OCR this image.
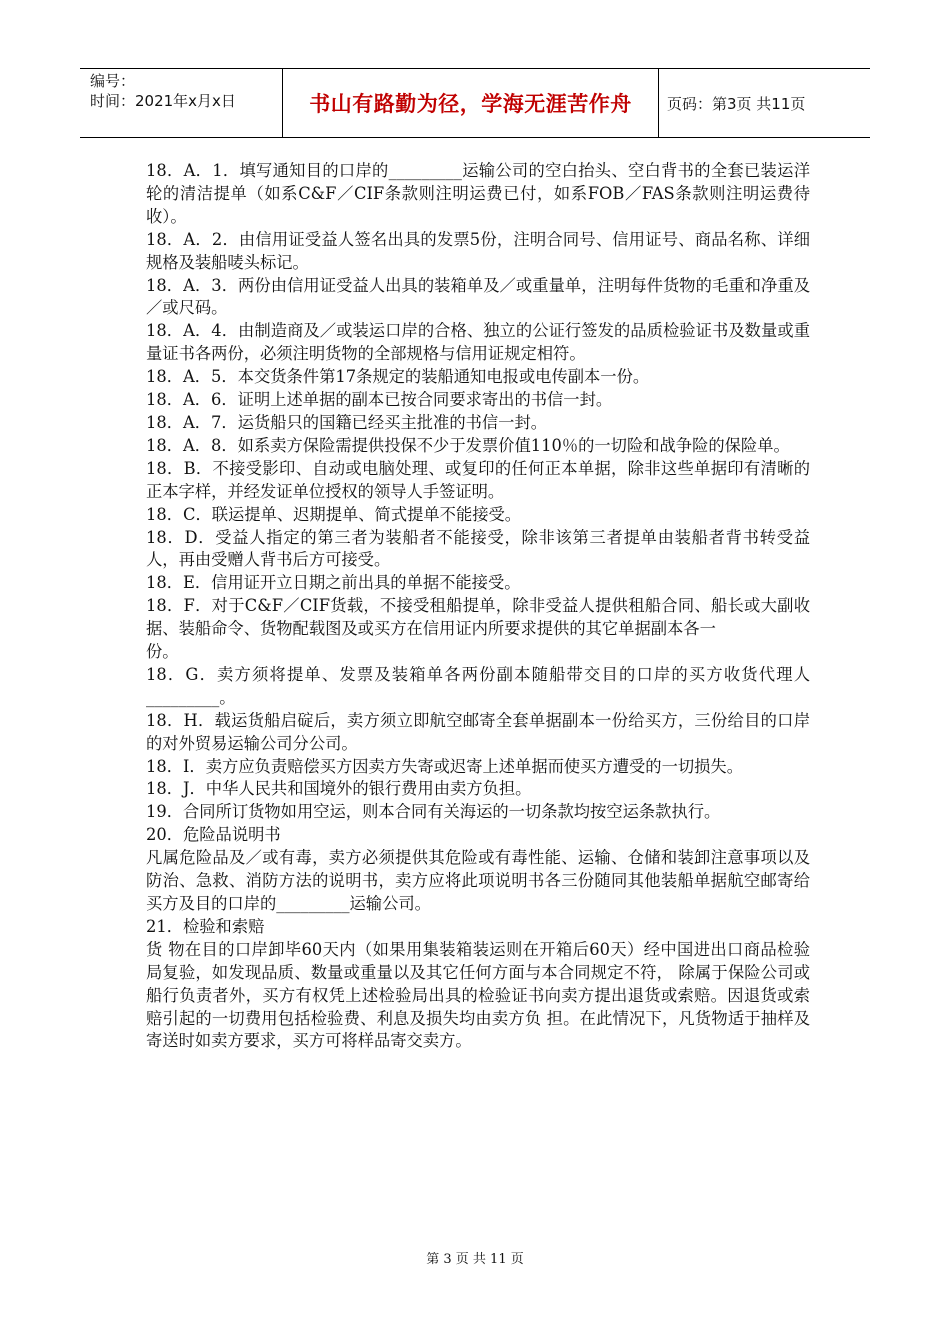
编号：
时间：2021年x月x日	书山有路勤为径，学海无涯苦作舟	页码：第3页 共11页

18．A．1．填写通知目的口岸的_________运输公司的空白抬头、空白背书的全套已装运洋轮的清洁提单（如系C&F／CIF条款则注明运费已付，如系FOB／FAS条款则注明运费待收）。

18．A．2．由信用证受益人签名出具的发票5份，注明合同号、信用证号、商品名称、详细规格及装船唛头标记。

18．A．3．两份由信用证受益人出具的装箱单及／或重量单，注明每件货物的毛重和净重及／或尺码。

18．A．4．由制造商及／或装运口岸的合格、独立的公证行签发的品质检验证书及数量或重量证书各两份，必须注明货物的全部规格与信用证规定相符。

18．A．5．本交货条件第17条规定的装船通知电报或电传副本一份。

18．A．6．证明上述单据的副本已按合同要求寄出的书信一封。

18．A．7．运货船只的国籍已经买主批准的书信一封。

18．A．8．如系卖方保险需提供投保不少于发票价值110％的一切险和战争险的保险单。

18．B．不接受影印、自动或电脑处理、或复印的任何正本单据，除非这些单据印有清晰的正本字样，并经发证单位授权的领导人手签证明。

18．C．联运提单、迟期提单、简式提单不能接受。

18．D．受益人指定的第三者为装船者不能接受，除非该第三者提单由装船者背书转受益人，再由受赠人背书后方可接受。

18．E．信用证开立日期之前出具的单据不能接受。

18．F．对于C&F／CIF货载，不接受租船提单，除非受益人提供租船合同、船长或大副收据、装船命令、货物配载图及或买方在信用证内所要求提供的其它单据副本各一

份。

18．G．卖方须将提单、发票及装箱单各两份副本随船带交目的口岸的买方收货代理人_________。

18．H．载运货船启碇后，卖方须立即航空邮寄全套单据副本一份给买方，三份给目的口岸的对外贸易运输公司分公司。

18．I．卖方应负责赔偿买方因卖方失寄或迟寄上述单据而使买方遭受的一切损失。

18．J．中华人民共和国境外的银行费用由卖方负担。

19．合同所订货物如用空运，则本合同有关海运的一切条款均按空运条款执行。

20．危险品说明书

凡属危险品及／或有毒，卖方必须提供其危险或有毒性能、运输、仓储和装卸注意事项以及防治、急救、消防方法的说明书，卖方应将此项说明书各三份随同其他装船单据航空邮寄给买方及目的口岸的_________运输公司。

21．检验和索赔

货 物在目的口岸卸毕60天内（如果用集装箱装运则在开箱后60天）经中国进出口商品检验局复验，如发现品质、数量或重量以及其它任何方面与本合同规定不符， 除属于保险公司或船行负责者外，买方有权凭上述检验局出具的检验证书向卖方提出退货或索赔。因退货或索赔引起的一切费用包括检验费、利息及损失均由卖方负 担。在此情况下，凡货物适于抽样及寄送时如卖方要求，买方可将样品寄交卖方。

第 3 页 共 11 页
